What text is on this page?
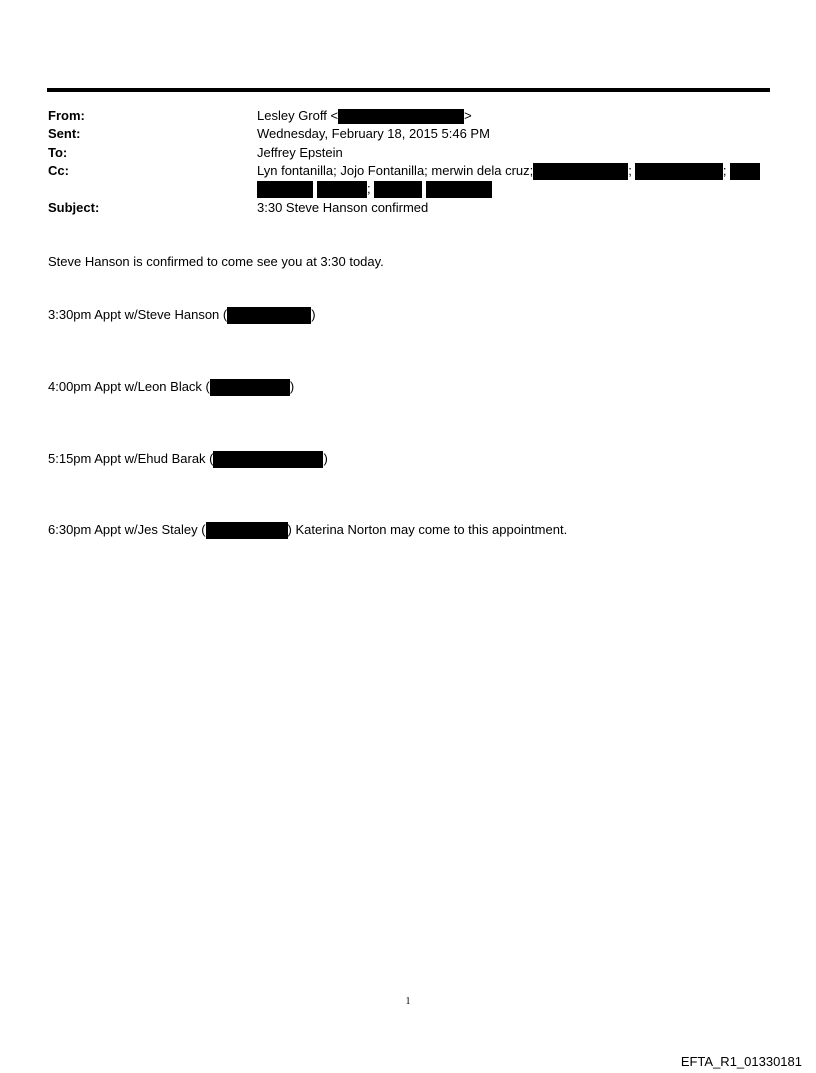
From:	Lesley Groff <	>
Sent:	Wednesday, February 18, 2015 5:46 PM
To:	Jeffrey Epstein
Cc:	Lyn fontanilla; Jojo Fontanilla; merwin dela cruz;	;	;
;
Subject:	3:30 Steve Hanson confirmed
Steve Hanson is confirmed to come see you at 3:30 today.
3:30pm Appt w/Steve Hanson (	)
4:00pm Appt w/Leon Black (	)
5:15pm Appt w/Ehud Barak (	)
6:30pm Appt w/Jes Staley (	) Katerina Norton may come to this appointment.
1
EFTA_R1_01330181
